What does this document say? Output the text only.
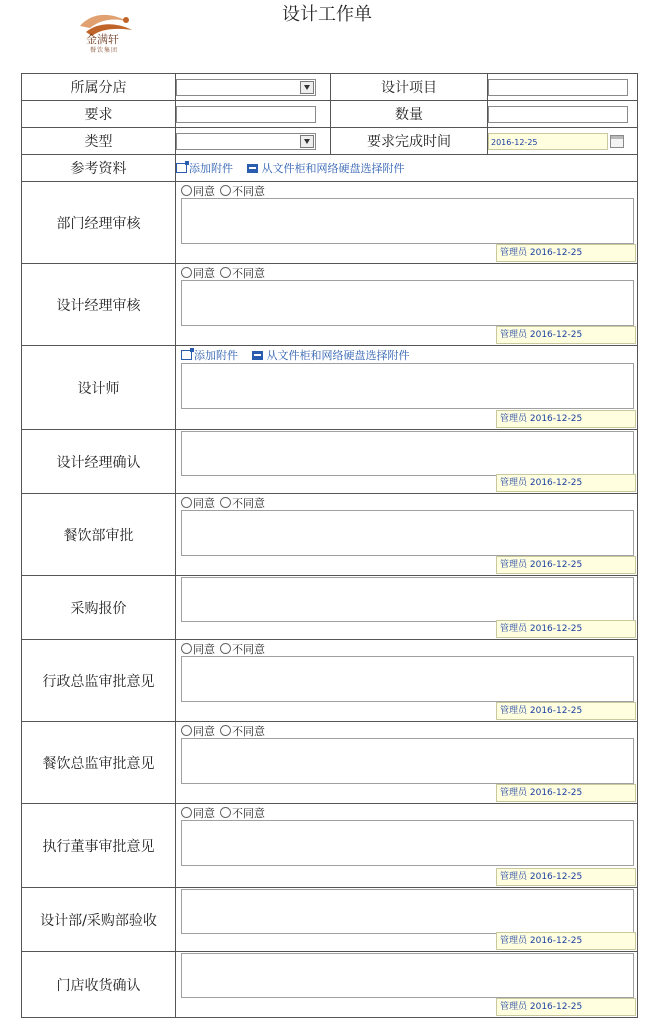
金满轩
餐饮集团
设计工作单
所属分店		设计项目	

要求		数量	

类型		要求完成时间	2016-12-25
参考资料	添加附件 从文件柜和网络硬盘选择附件		
部门经理审核	同意 不同意
管理员 2016-12-25		

设计经理审核	同意 不同意
管理员 2016-12-25		

设计师	添加附件 从文件柜和网络硬盘选择附件
管理员 2016-12-25		

设计经理确认	管理员 2016-12-25		

餐饮部审批	同意 不同意
管理员 2016-12-25		

采购报价	管理员 2016-12-25		

行政总监审批意见	同意 不同意
管理员 2016-12-25		

餐饮总监审批意见	同意 不同意
管理员 2016-12-25		

执行董事审批意见	同意 不同意
管理员 2016-12-25		

设计部/采购部验收	管理员 2016-12-25		

门店收货确认	管理员 2016-12-25		
